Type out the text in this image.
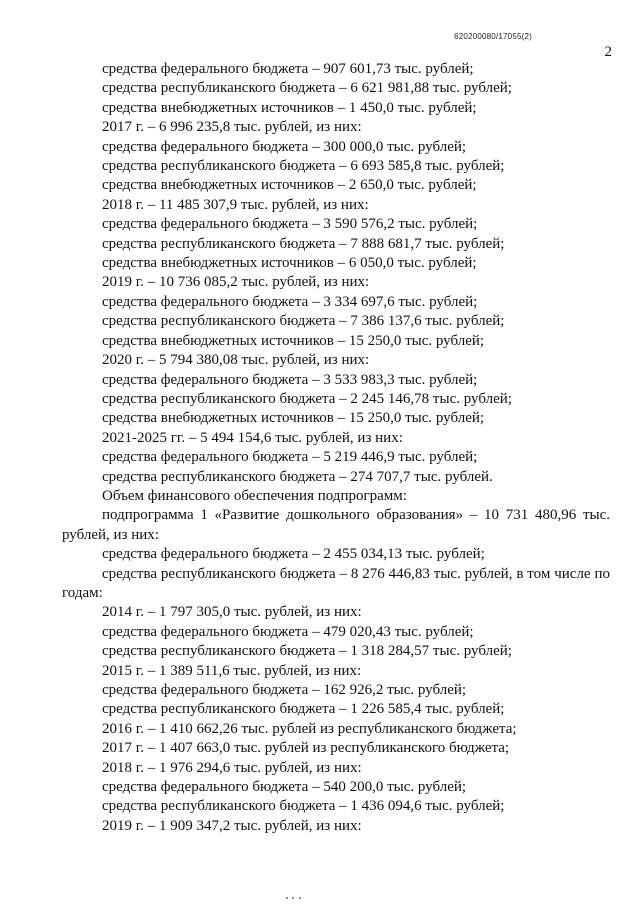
620200080/17055(2)
2
средства федерального бюджета – 907 601,73 тыс. рублей;
средства республиканского бюджета – 6 621 981,88 тыс. рублей;
средства внебюджетных источников – 1 450,0 тыс. рублей;
2017 г. – 6 996 235,8 тыс. рублей, из них:
средства федерального бюджета – 300 000,0 тыс. рублей;
средства республиканского бюджета – 6 693 585,8 тыс. рублей;
средства внебюджетных источников – 2 650,0 тыс. рублей;
2018 г. – 11 485 307,9 тыс. рублей, из них:
средства федерального бюджета – 3 590 576,2 тыс. рублей;
средства республиканского бюджета – 7 888 681,7 тыс. рублей;
средства внебюджетных источников – 6 050,0 тыс. рублей;
2019 г. – 10 736 085,2 тыс. рублей, из них:
средства федерального бюджета – 3 334 697,6 тыс. рублей;
средства республиканского бюджета – 7 386 137,6 тыс. рублей;
средства внебюджетных источников – 15 250,0 тыс. рублей;
2020 г. – 5 794 380,08 тыс. рублей, из них:
средства федерального бюджета – 3 533 983,3 тыс. рублей;
средства республиканского бюджета – 2 245 146,78 тыс. рублей;
средства внебюджетных источников – 15 250,0 тыс. рублей;
2021-2025 гг. – 5 494 154,6 тыс. рублей, из них:
средства федерального бюджета – 5 219 446,9 тыс. рублей;
средства республиканского бюджета – 274 707,7 тыс. рублей.
Объем финансового обеспечения подпрограмм:
подпрограмма 1 «Развитие дошкольного образования» – 10 731 480,96 тыс. рублей, из них:
средства федерального бюджета – 2 455 034,13 тыс. рублей;
средства республиканского бюджета – 8 276 446,83 тыс. рублей, в том числе по годам:
2014 г. – 1 797 305,0 тыс. рублей, из них:
средства федерального бюджета – 479 020,43 тыс. рублей;
средства республиканского бюджета – 1 318 284,57 тыс. рублей;
2015 г. – 1 389 511,6 тыс. рублей, из них:
средства федерального бюджета – 162 926,2 тыс. рублей;
средства республиканского бюджета – 1 226 585,4 тыс. рублей;
2016 г. – 1 410 662,26 тыс. рублей из республиканского бюджета;
2017 г. – 1 407 663,0 тыс. рублей из республиканского бюджета;
2018 г. – 1 976 294,6 тыс. рублей, из них:
средства федерального бюджета – 540 200,0 тыс. рублей;
средства республиканского бюджета – 1 436 094,6 тыс. рублей;
2019 г. – 1 909 347,2 тыс. рублей, из них:
